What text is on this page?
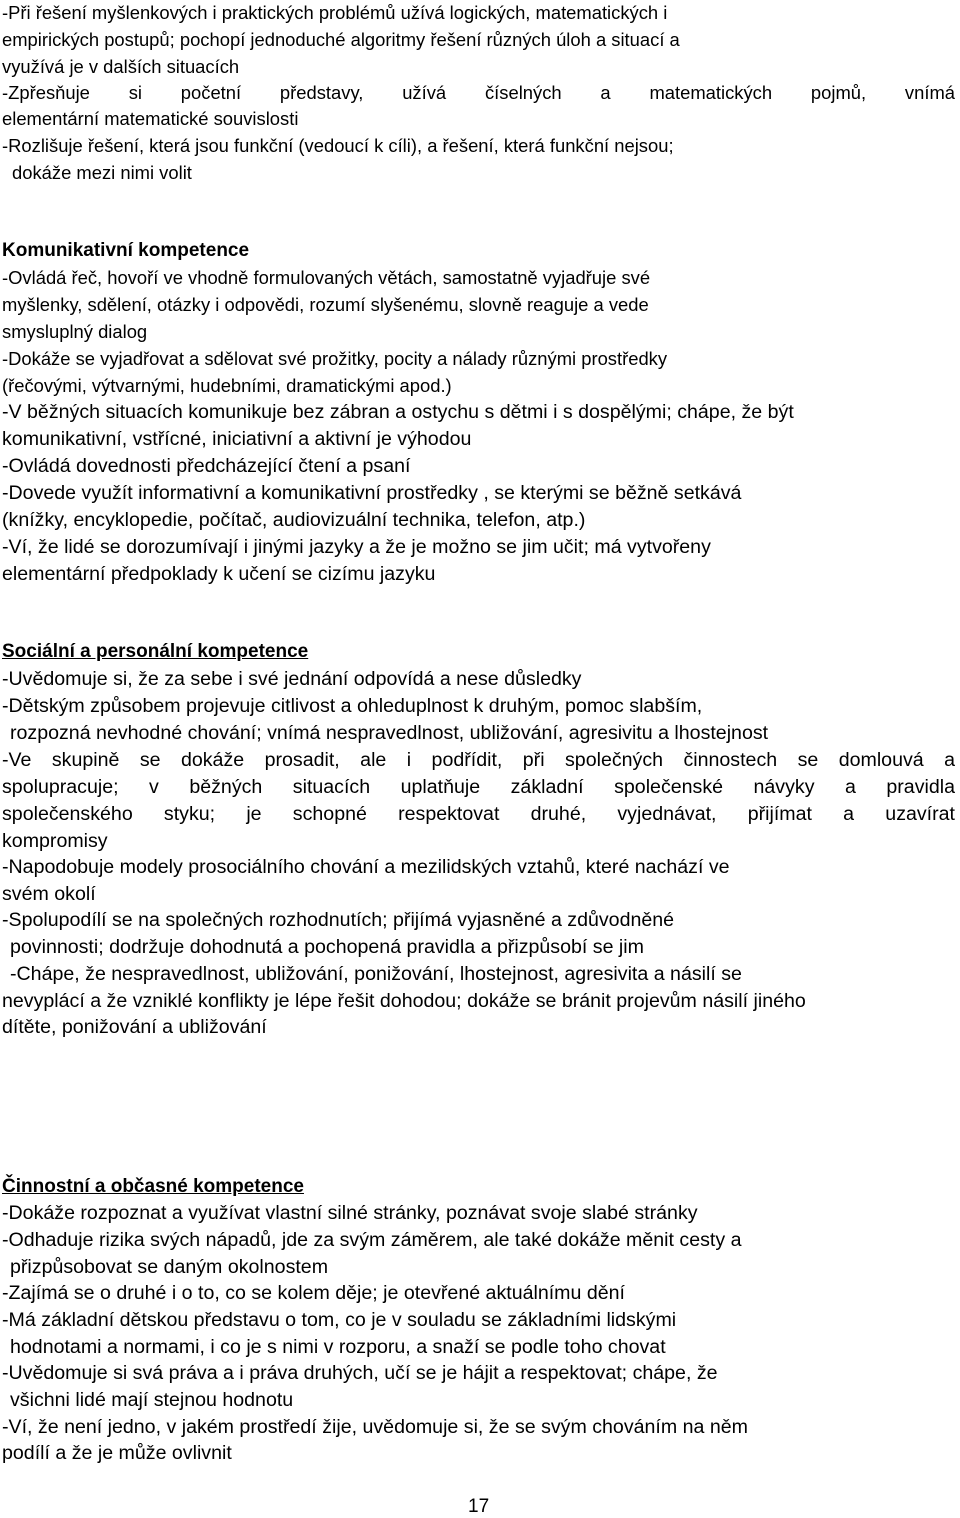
-Při řešení myšlenkových i praktických problémů užívá logických, matematických i
empirických postupů; pochopí jednoduché algoritmy řešení různých úloh a situací a
využívá je v dalších situacích
-Zpřesňuje si početní představy, užívá číselných a matematických pojmů, vnímá
elementární matematické souvislosti
-Rozlišuje řešení, která jsou funkční (vedoucí k cíli), a řešení, která funkční nejsou;
dokáže mezi nimi volit
Komunikativní kompetence
-Ovládá řeč, hovoří ve vhodně formulovaných větách, samostatně vyjadřuje své
myšlenky, sdělení, otázky i odpovědi, rozumí slyšenému, slovně reaguje a vede
smysluplný dialog
-Dokáže se vyjadřovat a sdělovat své prožitky, pocity a nálady různými prostředky
(řečovými, výtvarnými, hudebními, dramatickými apod.)
-V běžných situacích komunikuje bez zábran a ostychu s dětmi i s dospělými; chápe, že být
komunikativní, vstřícné, iniciativní a aktivní je výhodou
-Ovládá dovednosti předcházející čtení a psaní
-Dovede využít informativní a komunikativní prostředky , se kterými se běžně setkává
(knížky, encyklopedie, počítač, audiovizuální technika, telefon, atp.)
-Ví, že lidé se dorozumívají i jinými jazyky a že je možno se jim učit; má vytvořeny
elementární předpoklady k učení se cizímu jazyku
Sociální a personální kompetence
-Uvědomuje si, že za sebe i své jednání odpovídá a nese důsledky
-Dětským způsobem projevuje citlivost a ohleduplnost k druhým, pomoc slabším,
rozpozná nevhodné chování; vnímá nespravedlnost, ubližování, agresivitu a lhostejnost
-Ve skupině se dokáže prosadit, ale i podřídit, při společných činnostech se domlouvá a
spolupracuje; v běžných situacích uplatňuje základní společenské návyky a pravidla
společenského styku; je schopné respektovat druhé, vyjednávat, přijímat a uzavírat
kompromisy
-Napodobuje modely prosociálního chování a mezilidských vztahů, které nachází ve
svém okolí
-Spolupodílí se na společných rozhodnutích; přijímá vyjasněné a zdůvodněné
povinnosti; dodržuje dohodnutá a pochopená pravidla a přizpůsobí se jim
-Chápe, že nespravedlnost, ubližování, ponižování, lhostejnost, agresivita a násilí se
nevyplácí a že vzniklé konflikty je lépe řešit dohodou; dokáže se bránit projevům násilí jiného
dítěte, ponižování a ubližování
Činnostní a občasné kompetence
-Dokáže rozpoznat a využívat vlastní silné stránky, poznávat svoje slabé stránky
-Odhaduje rizika svých nápadů, jde za svým záměrem, ale také dokáže měnit cesty a
přizpůsobovat se daným okolnostem
-Zajímá se o druhé i o to, co se kolem děje; je otevřené aktuálnímu dění
-Má základní dětskou představu o tom, co je v souladu se základními lidskými
hodnotami a normami, i co je s nimi v rozporu, a snaží se podle toho chovat
-Uvědomuje si svá práva a i práva druhých, učí se je hájit a respektovat; chápe, že
všichni lidé mají stejnou hodnotu
-Ví, že není jedno, v jakém prostředí žije, uvědomuje si, že se svým chováním na něm
podílí a že je může ovlivnit
17
